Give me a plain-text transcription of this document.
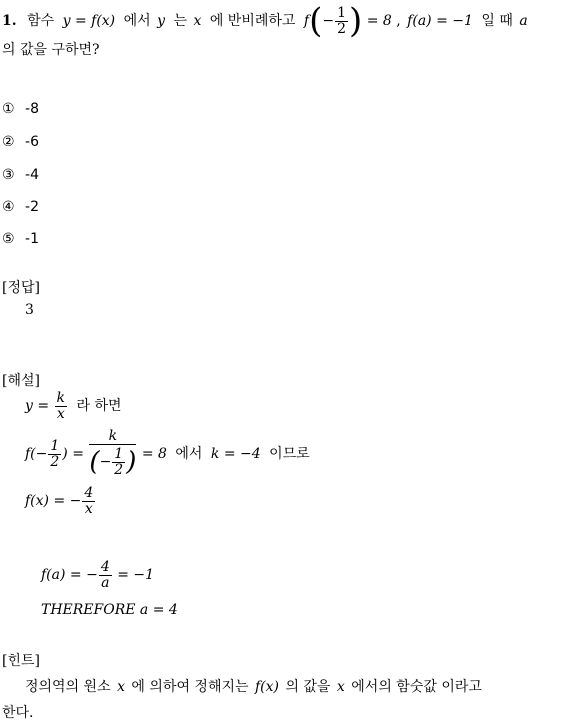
1. 함수 y = f(x) 에서 y 는 x 에 반비례하고 $f(- \frac{1}{2}$ ) = 8 , f(a) = −1 일 때 a
의 값을 구하면?
① -8
② -6
③ -4
④ -2
⑤ -1
[정답]
3
[해설]
$y = \frac{k}{x}$ 라 하면
$f(- \frac{1}{2}$ ) = $\frac{k}{(- \frac{1}{2} )} = 8$ 에서 k = −4 이므로
f(x) = − $\frac{4}{x}$
f(a) = − $\frac{4}{a} = -1$
THEREFORE a = 4
[힌트]
정의역의 원소 x 에 의하여 정해지는 f(x) 의 값을 x 에서의 함숫값 이라고
한다.
